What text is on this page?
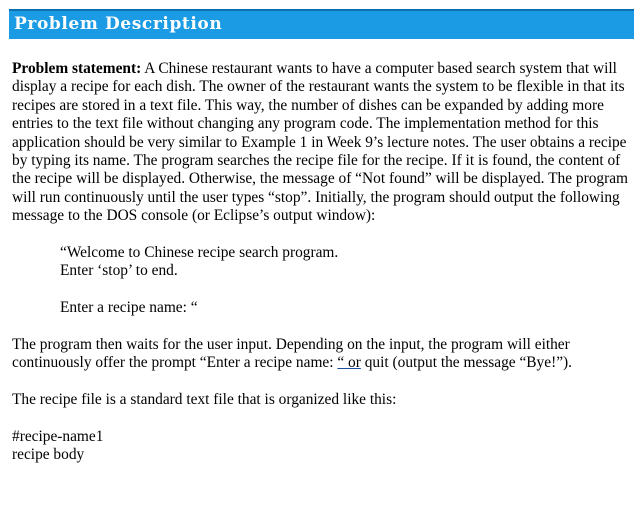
Problem Description

Problem statement: A Chinese restaurant wants to have a computer based search system that will display a recipe for each dish. The owner of the restaurant wants the system to be flexible in that its recipes are stored in a text file. This way, the number of dishes can be expanded by adding more entries to the text file without changing any program code. The implementation method for this application should be very similar to Example 1 in Week 9’s lecture notes. The user obtains a recipe by typing its name. The program searches the recipe file for the recipe. If it is found, the content of the recipe will be displayed. Otherwise, the message of “Not found” will be displayed. The program will run continuously until the user types “stop”. Initially, the program should output the following message to the DOS console (or Eclipse’s output window):

“Welcome to Chinese recipe search program.
Enter ‘stop’ to end.
Enter a recipe name: “

The program then waits for the user input. Depending on the input, the program will either continuously offer the prompt “Enter a recipe name: “ or quit (output the message “Bye!”).

The recipe file is a standard text file that is organized like this:

#recipe-name1
recipe body
